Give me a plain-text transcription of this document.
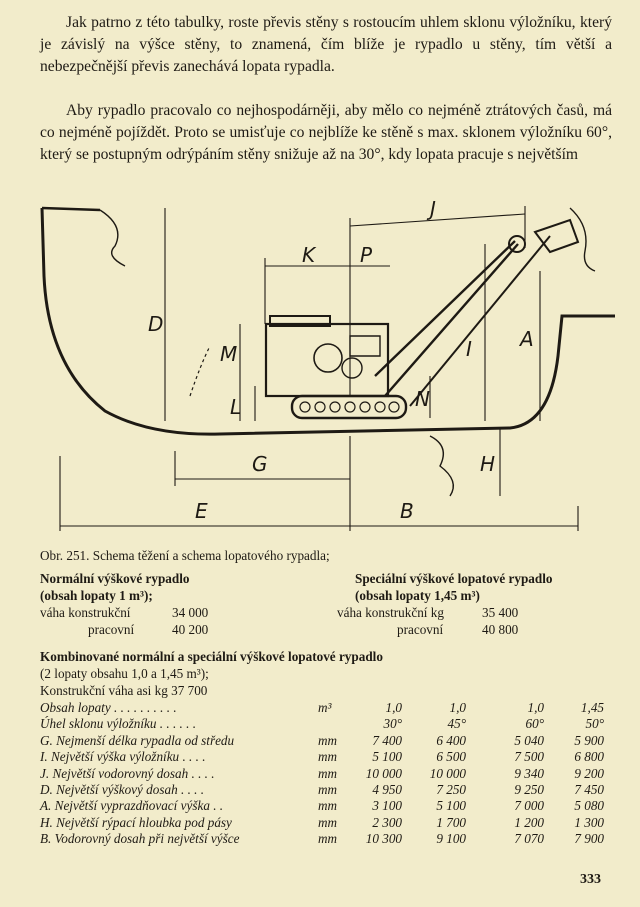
Jak patrno z této tabulky, roste převis stěny s rostoucím uhlem sklonu výložníku, který je závislý na výšce stěny, to znamená, čím blíže je rypadlo u stěny, tím větší a nebezpečnější převis zanechává lopata rypadla.

Aby rypadlo pracovalo co nejhospodárněji, aby mělo co nejméně ztrátových časů, má co nejméně pojíždět. Proto se umisťuje co nejblíže ke stěně s max. sklonem výložníku 60°, který se postupným odrýpáním stěny snižuje až na 30°, kdy lopata pracuje s největším

J
K P
D
M
L
I
N
A
G	H
E	B
Obr. 251. Schema těžení a schema lopatového rypadla;
Normální výškové rypadlo
(obsah lopaty 1 m³);
váha konstrukční	34 000
pracovní	40 200
Speciální výškové lopatové rypadlo
(obsah lopaty 1,45 m³)
váha konstrukční kg	35 400
pracovní	40 800
Kombinované normální a speciální výškové lopatové rypadlo
(2 lopaty obsahu 1,0 a 1,45 m³);
Konstrukční váha asi kg 37 700
Obsah lopaty . . . . . . . . . .	m³	1,0	1,0	1,0	1,45
Úhel sklonu výložníku . . . . . .		30°	45°	60°	50°
G. Nejmenší délka rypadla od středu	mm	7 400	6 400	5 040	5 900
I. Největší výška výložníku . . . .	mm	5 100	6 500	7 500	6 800
J. Největší vodorovný dosah . . . .	mm	10 000	10 000	9 340	9 200
D. Největší výškový dosah . . . .	mm	4 950	7 250	9 250	7 450
A. Největší vyprazdňovací výška . .	mm	3 100	5 100	7 000	5 080
H. Největší rýpací hloubka pod pásy	mm	2 300	1 700	1 200	1 300
B. Vodorovný dosah při největší výšce	mm	10 300	9 100	7 070	7 900
333
